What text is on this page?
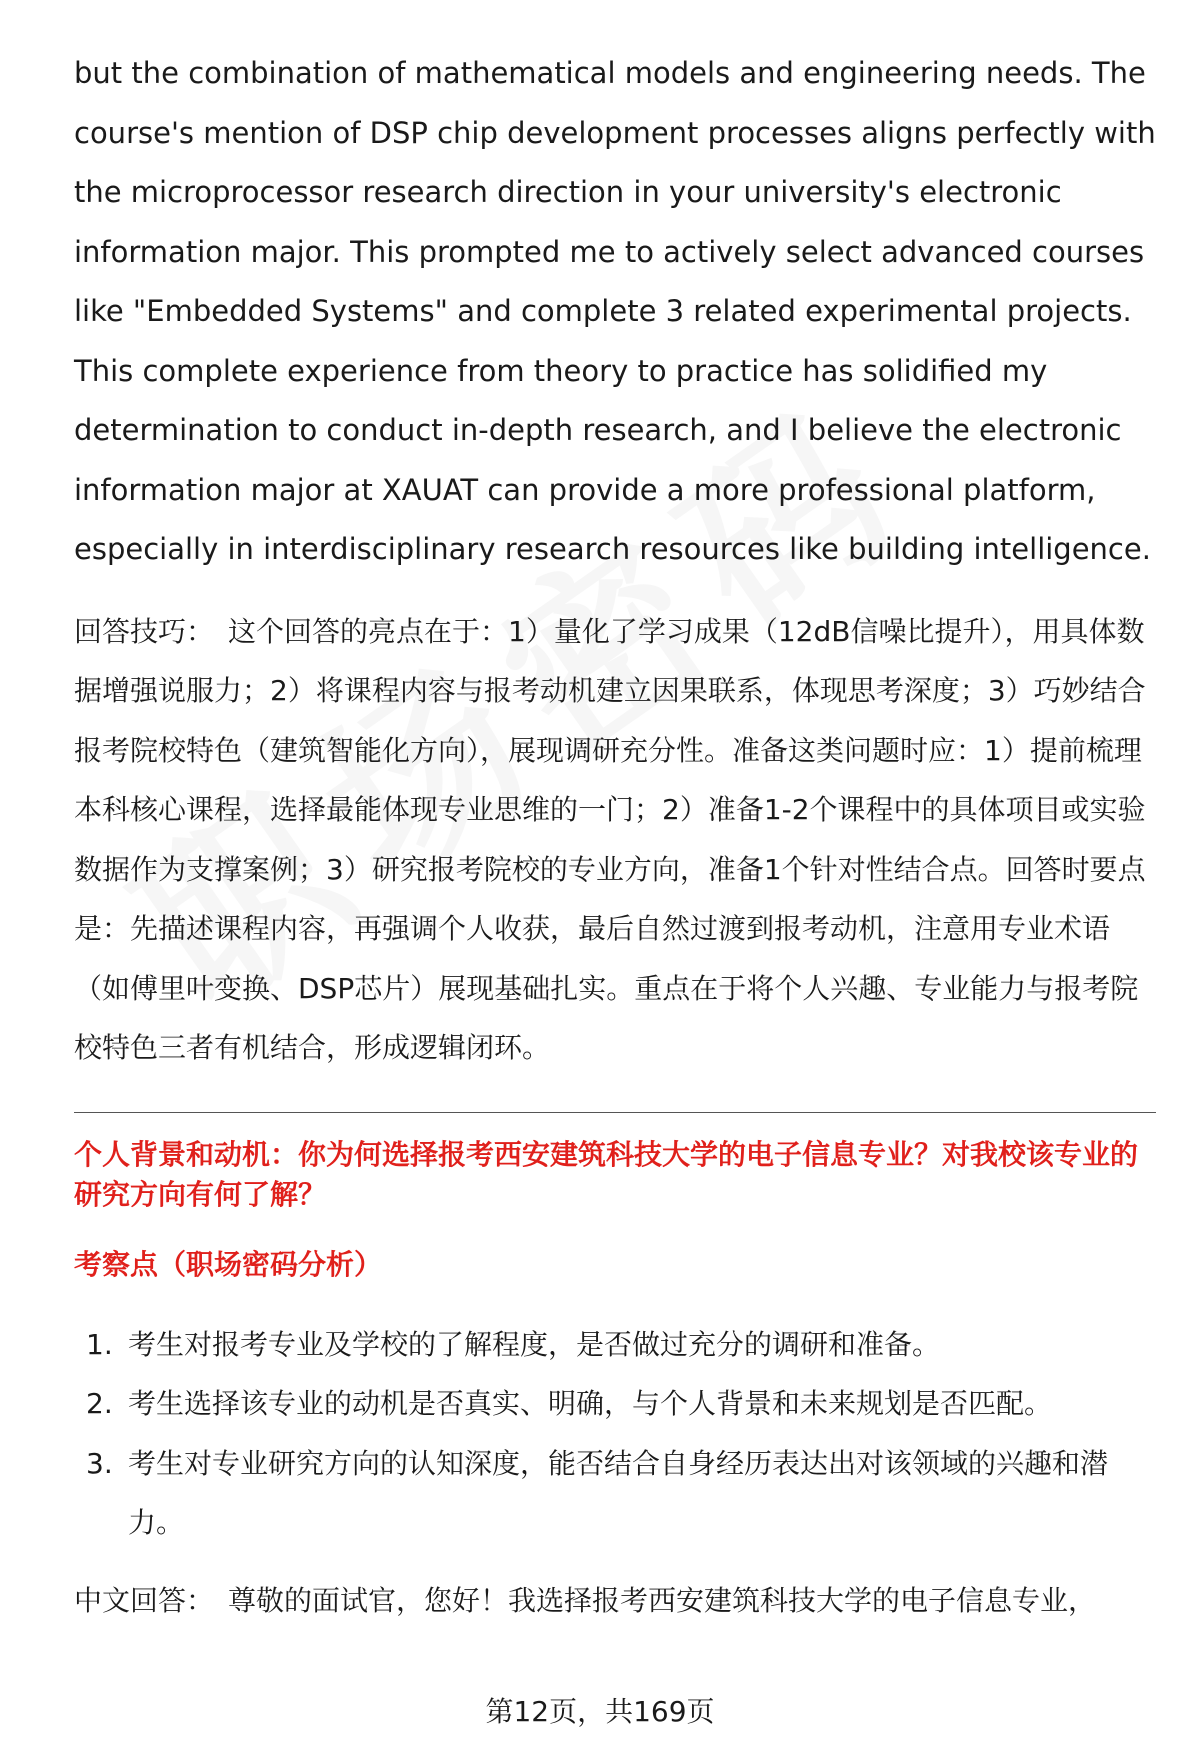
but the combination of mathematical models and engineering needs. The course's mention of DSP chip development processes aligns perfectly with the microprocessor research direction in your university's electronic information major. This prompted me to actively select advanced courses like "Embedded Systems" and complete 3 related experimental projects. This complete experience from theory to practice has solidified my determination to conduct in-depth research, and I believe the electronic information major at XAUAT can provide a more professional platform, especially in interdisciplinary research resources like building intelligence.

回答技巧： 这个回答的亮点在于：1）量化了学习成果（12dB信噪比提升），用具体数据增强说服力；2）将课程内容与报考动机建立因果联系，体现思考深度；3）巧妙结合报考院校特色（建筑智能化方向），展现调研充分性。准备这类问题时应：1）提前梳理本科核心课程，选择最能体现专业思维的一门；2）准备1-2个课程中的具体项目或实验数据作为支撑案例；3）研究报考院校的专业方向，准备1个针对性结合点。回答时要点是：先描述课程内容，再强调个人收获，最后自然过渡到报考动机，注意用专业术语（如傅里叶变换、DSP芯片）展现基础扎实。重点在于将个人兴趣、专业能力与报考院校特色三者有机结合，形成逻辑闭环。

个人背景和动机：你为何选择报考西安建筑科技大学的电子信息专业？对我校该专业的研究方向有何了解？

考察点（职场密码分析）

1. 考生对报考专业及学校的了解程度，是否做过充分的调研和准备。
2. 考生选择该专业的动机是否真实、明确，与个人背景和未来规划是否匹配。
3. 考生对专业研究方向的认知深度，能否结合自身经历表达出对该领域的兴趣和潜力。

中文回答： 尊敬的面试官，您好！我选择报考西安建筑科技大学的电子信息专业，

第12页，共169页
